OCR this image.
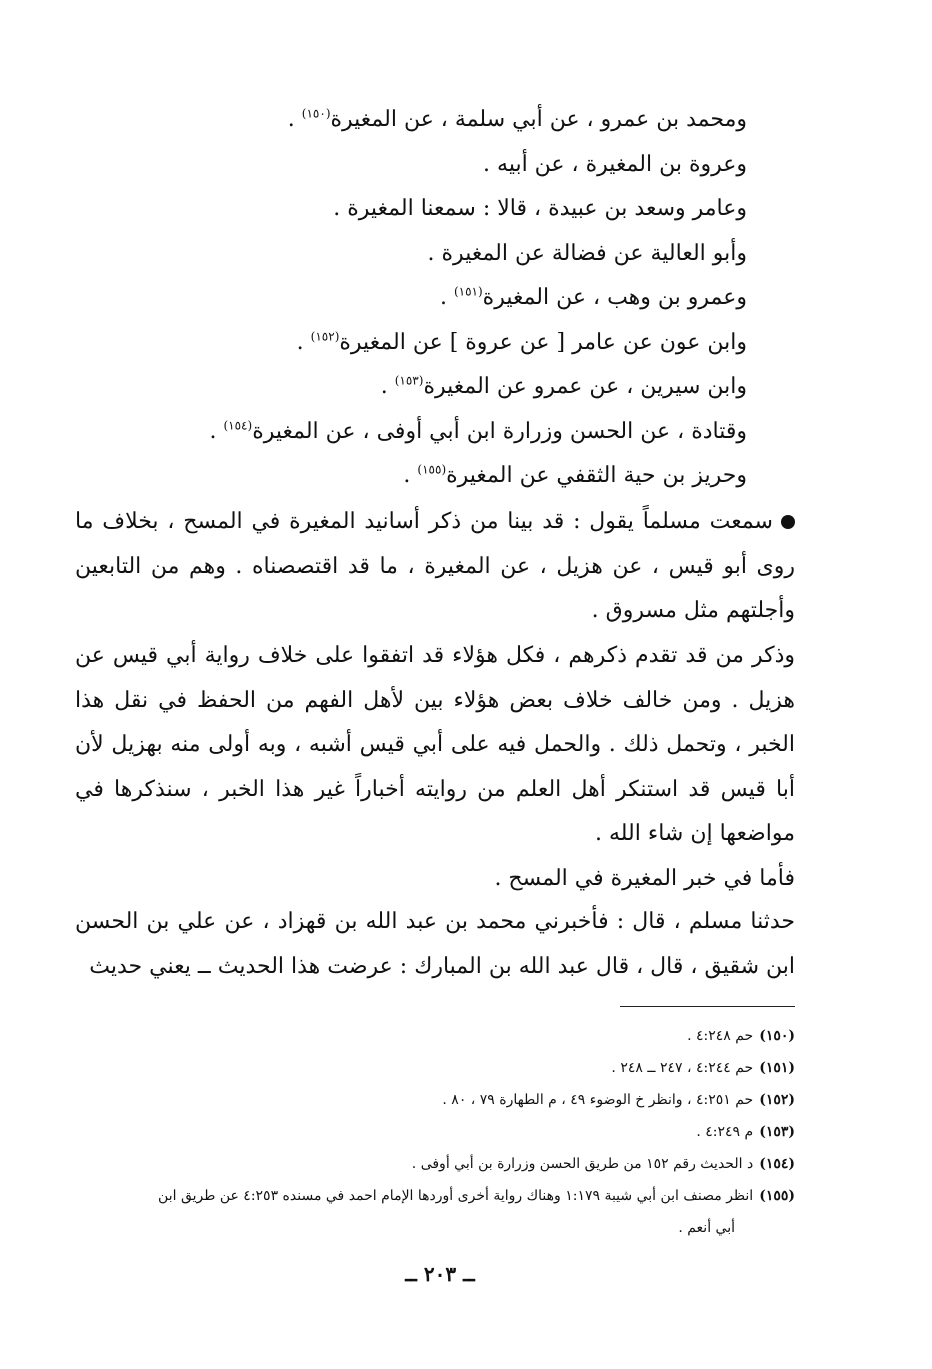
ومحمد بن عمرو ، عن أبي سلمة ، عن المغيرة$^{(١٥٠)}$ .
وعروة بن المغيرة ، عن أبيه .
وعامر وسعد بن عبيدة ، قالا : سمعنا المغيرة .
وأبو العالية عن فضالة عن المغيرة .
وعمرو بن وهب ، عن المغيرة$^{(١٥١)}$ .
وابن عون عن عامر [ عن عروة ] عن المغيرة$^{(١٥٢)}$ .
وابن سيرين ، عن عمرو عن المغيرة$^{(١٥٣)}$ .
وقتادة ، عن الحسن وزرارة ابن أبي أوفى ، عن المغيرة$^{(١٥٤)}$ .
وحريز بن حية الثقفي عن المغيرة$^{(١٥٥)}$ .
سمعت مسلماً يقول : قد بينا من ذكر أسانيد المغيرة في المسح ، بخلاف ما روى أبو قيس ، عن هزيل ، عن المغيرة ، ما قد اقتصصناه . وهم من التابعين وأجلتهم مثل مسروق .
وذكر من قد تقدم ذكرهم ، فكل هؤلاء قد اتفقوا على خلاف رواية أبي قيس عن هزيل . ومن خالف خلاف بعض هؤلاء بين لأهل الفهم من الحفظ في نقل هذا الخبر ، وتحمل ذلك . والحمل فيه على أبي قيس أشبه ، وبه أولى منه بهزيل لأن أبا قيس قد استنكر أهل العلم من روايته أخباراً غير هذا الخبر ، سنذكرها في مواضعها إن شاء الله .
فأما في خبر المغيرة في المسح .
حدثنا مسلم ، قال : فأخبرني محمد بن عبد الله بن قهزاد ، عن علي بن الحسن ابن شقيق ، قال ، قال عبد الله بن المبارك : عرضت هذا الحديث ــ يعني حديث
(١٥٠)حم ٤:٢٤٨ .
(١٥١)حم ٤:٢٤٤ ، ٢٤٧ ــ ٢٤٨ .
(١٥٢)حم ٤:٢٥١ ، وانظر خ الوضوء ٤٩ ، م الطهارة ٧٩ ، ٨٠ .
(١٥٣)م ٤:٢٤٩ .
(١٥٤)د الحديث رقم ١٥٢ من طريق الحسن وزرارة بن أبي أوفى .
(١٥٥)انظر مصنف ابن أبي شيبة ١:١٧٩ وهناك رواية أخرى أوردها الإمام احمد في مسنده ٤:٢٥٣ عن طريق ابن
أبي أنعم .
ــ ٢٠٣ ــ
